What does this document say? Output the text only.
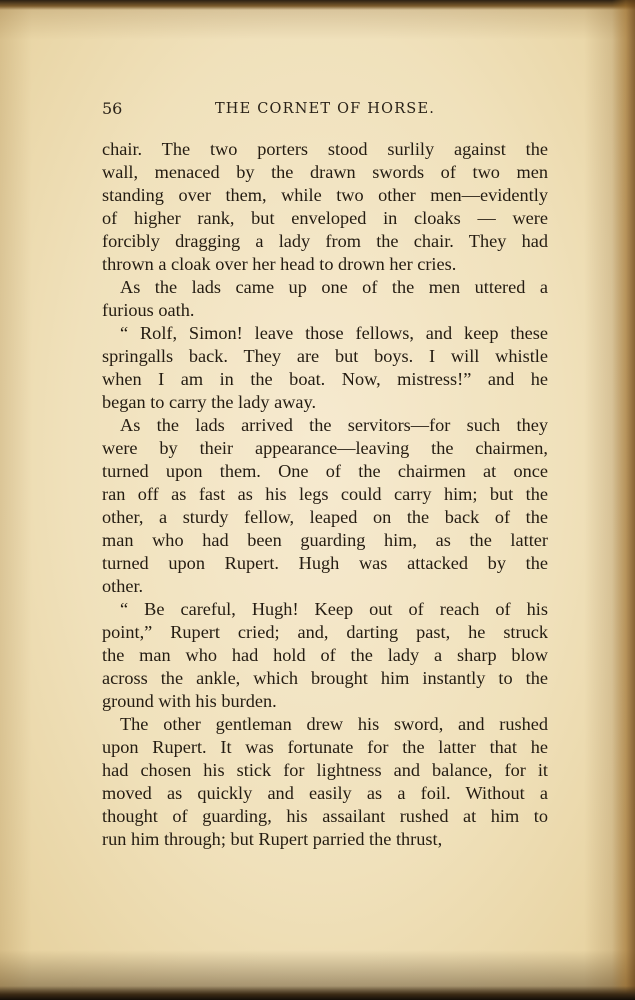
56	THE CORNET OF HORSE.

chair. The two porters stood surlily against the
wall, menaced by the drawn swords of two men
standing over them, while two other men—evidently
of higher rank, but enveloped in cloaks — were
forcibly dragging a lady from the chair. They had
thrown a cloak over her head to drown her cries.

As the lads came up one of the men uttered a
furious oath.

“ Rolf, Simon! leave those fellows, and keep these
springalls back. They are but boys. I will whistle
when I am in the boat. Now, mistress!” and he
began to carry the lady away.

As the lads arrived the servitors—for such they
were by their appearance—leaving the chairmen,
turned upon them. One of the chairmen at once
ran off as fast as his legs could carry him; but the
other, a sturdy fellow, leaped on the back of the
man who had been guarding him, as the latter
turned upon Rupert. Hugh was attacked by the
other.

“ Be careful, Hugh! Keep out of reach of his
point,” Rupert cried; and, darting past, he struck
the man who had hold of the lady a sharp blow
across the ankle, which brought him instantly to the
ground with his burden.

The other gentleman drew his sword, and rushed
upon Rupert. It was fortunate for the latter that he
had chosen his stick for lightness and balance, for it
moved as quickly and easily as a foil. Without a
thought of guarding, his assailant rushed at him to
run him through; but Rupert parried the thrust,
